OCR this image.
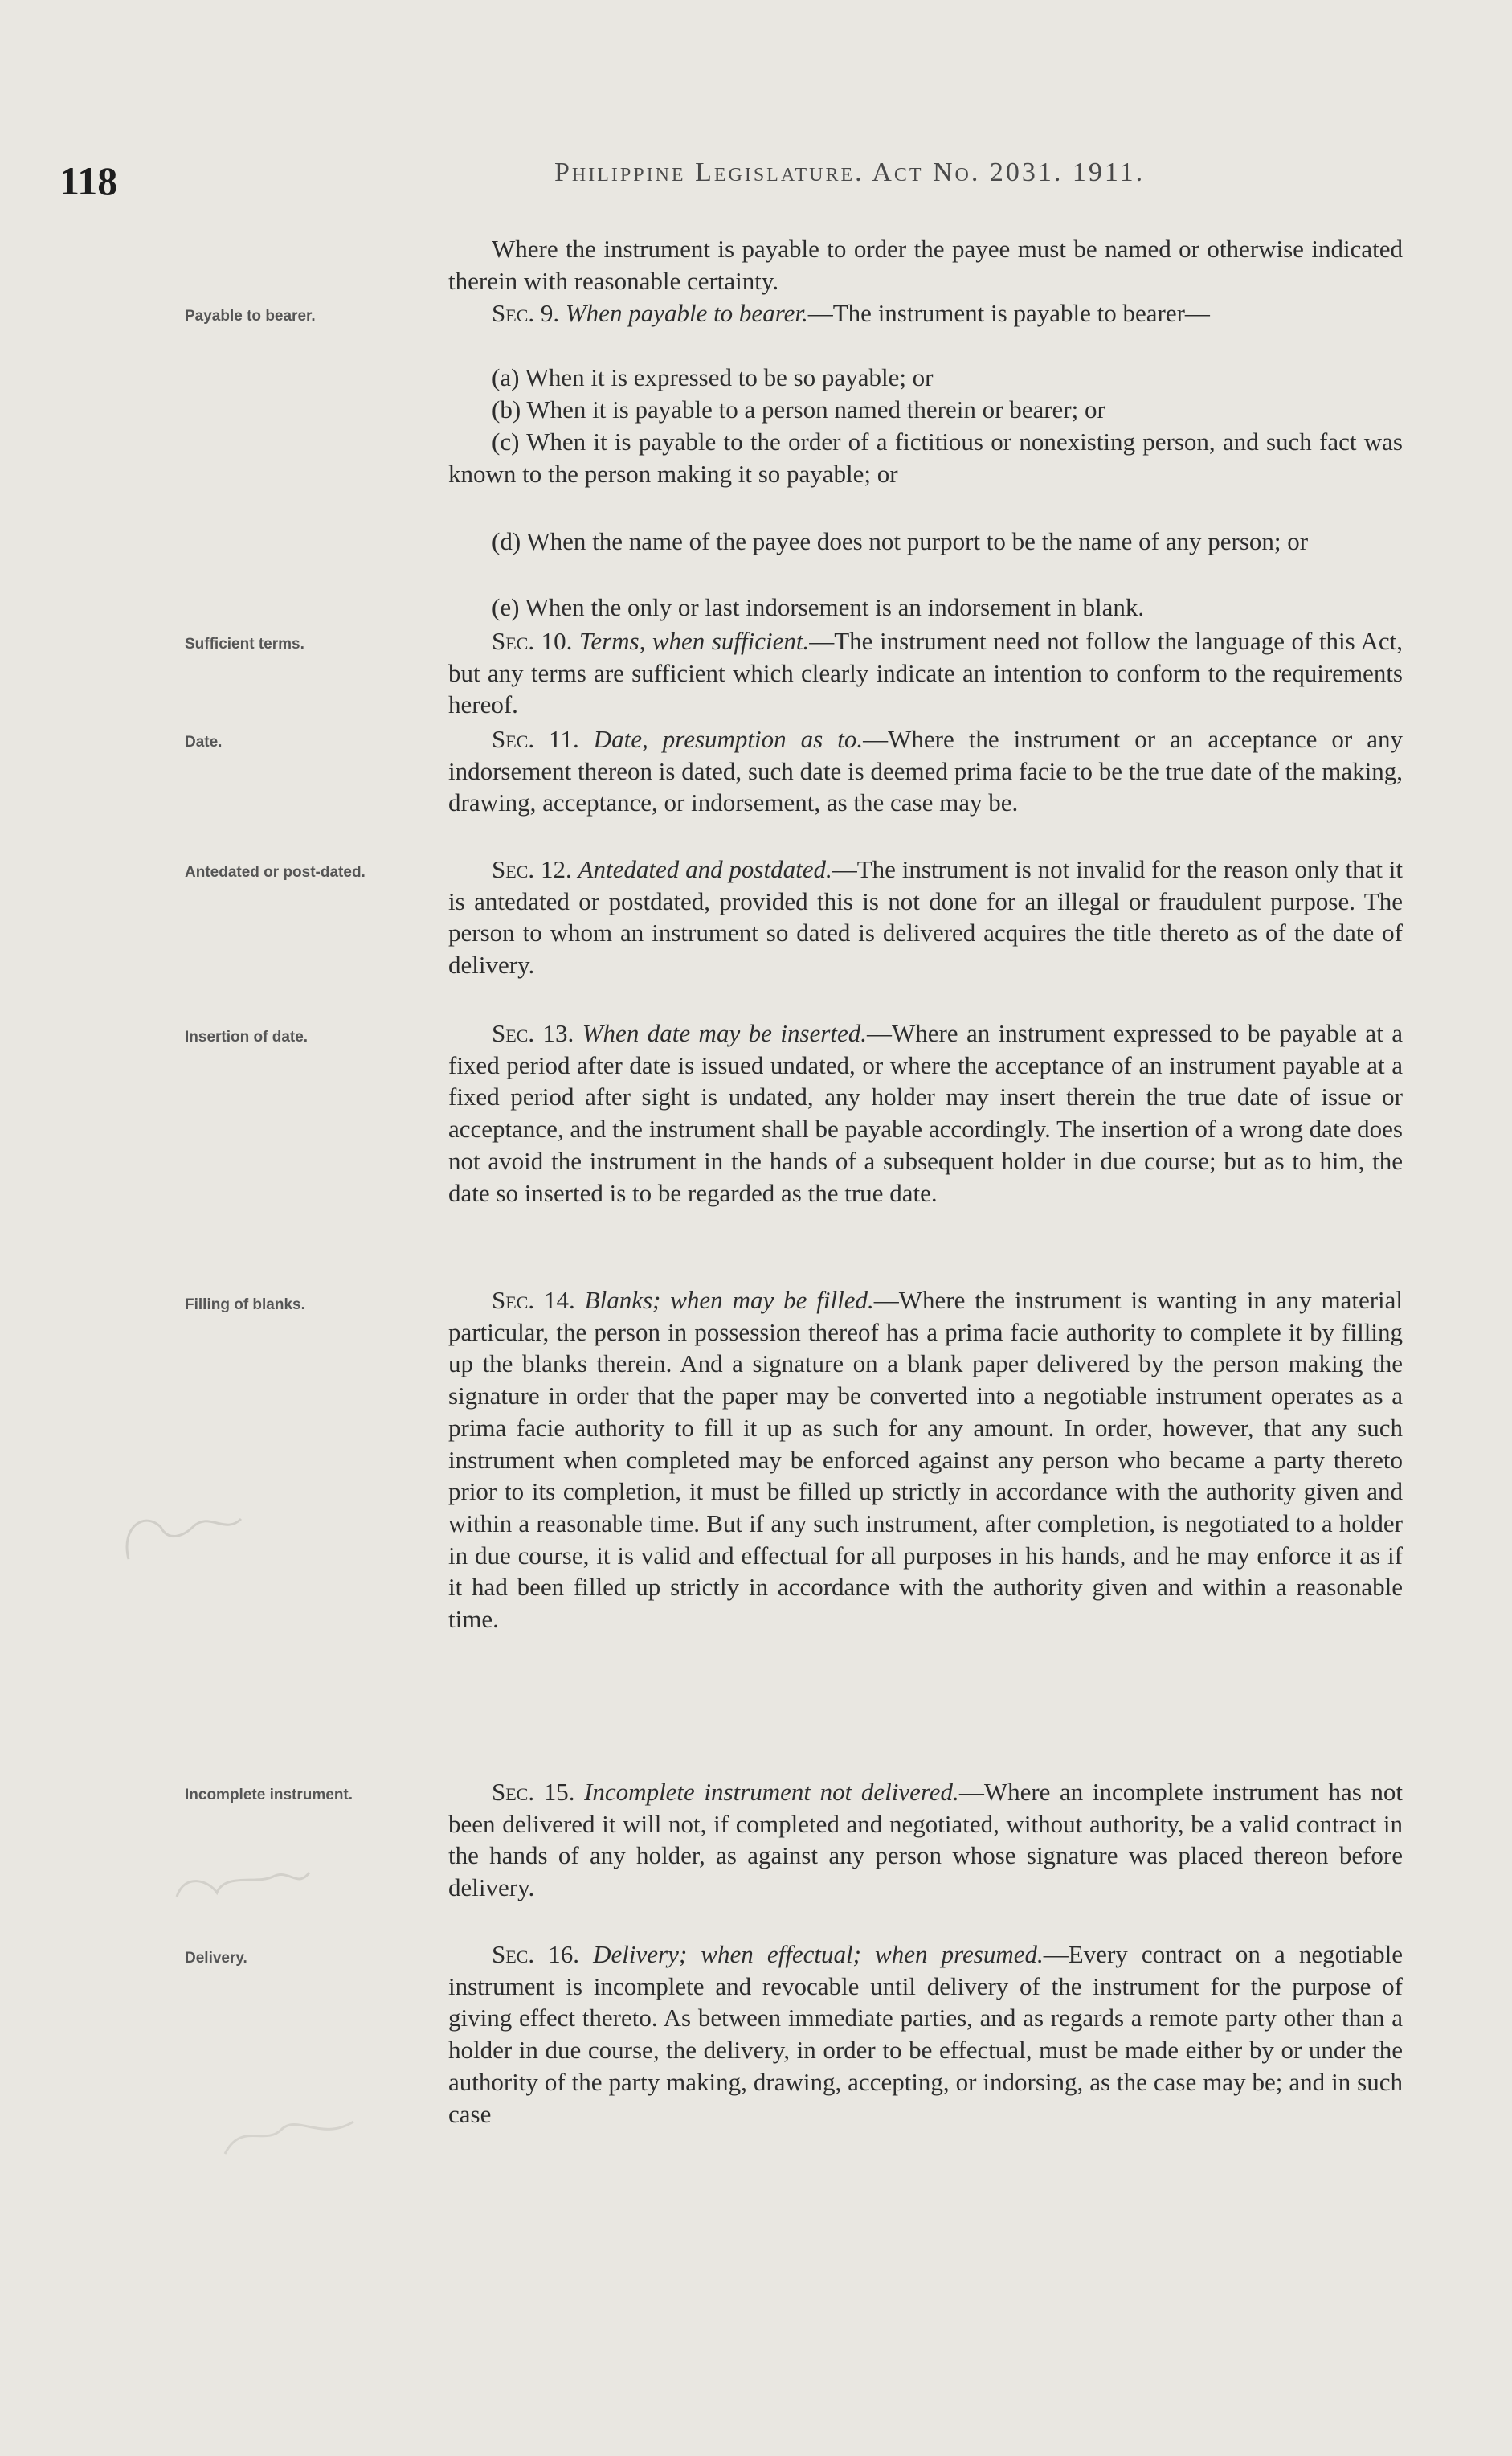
118	Philippine Legislature. Act No. 2031. 1911.
Payable to bearer.
Sufficient terms.
Date.
Antedated or post-dated.
Insertion of date.
Filling of blanks.
Incomplete instrument.
Delivery.

Where the instrument is payable to order the payee must be named or otherwise indicated therein with reasonable certainty.

Sec. 9. When payable to bearer.—The instrument is payable to bearer—

(a) When it is expressed to be so payable; or

(b) When it is payable to a person named therein or bearer; or

(c) When it is payable to the order of a fictitious or nonexisting person, and such fact was known to the person making it so payable; or

(d) When the name of the payee does not purport to be the name of any person; or

(e) When the only or last indorsement is an indorsement in blank.

Sec. 10. Terms, when sufficient.—The instrument need not follow the language of this Act, but any terms are sufficient which clearly indicate an intention to conform to the requirements hereof.

Sec. 11. Date, presumption as to.—Where the instrument or an acceptance or any indorsement thereon is dated, such date is deemed prima facie to be the true date of the making, drawing, acceptance, or indorsement, as the case may be.

Sec. 12. Antedated and postdated.—The instrument is not invalid for the reason only that it is antedated or postdated, provided this is not done for an illegal or fraudulent purpose. The person to whom an instrument so dated is delivered acquires the title thereto as of the date of delivery.

Sec. 13. When date may be inserted.—Where an instrument expressed to be payable at a fixed period after date is issued undated, or where the acceptance of an instrument payable at a fixed period after sight is undated, any holder may insert therein the true date of issue or acceptance, and the instrument shall be payable accordingly. The insertion of a wrong date does not avoid the instrument in the hands of a subsequent holder in due course; but as to him, the date so inserted is to be regarded as the true date.

Sec. 14. Blanks; when may be filled.—Where the instrument is wanting in any material particular, the person in possession thereof has a prima facie authority to complete it by filling up the blanks therein. And a signature on a blank paper delivered by the person making the signature in order that the paper may be converted into a negotiable instrument operates as a prima facie authority to fill it up as such for any amount. In order, however, that any such instrument when completed may be enforced against any person who became a party thereto prior to its completion, it must be filled up strictly in accordance with the authority given and within a reasonable time. But if any such instrument, after completion, is negotiated to a holder in due course, it is valid and effectual for all purposes in his hands, and he may enforce it as if it had been filled up strictly in accordance with the authority given and within a reasonable time.

Sec. 15. Incomplete instrument not delivered.—Where an incomplete instrument has not been delivered it will not, if completed and negotiated, without authority, be a valid contract in the hands of any holder, as against any person whose signature was placed thereon before delivery.

Sec. 16. Delivery; when effectual; when presumed.—Every contract on a negotiable instrument is incomplete and revocable until delivery of the instrument for the purpose of giving effect thereto. As between immediate parties, and as regards a remote party other than a holder in due course, the delivery, in order to be effectual, must be made either by or under the authority of the party making, drawing, accepting, or indorsing, as the case may be; and in such case
